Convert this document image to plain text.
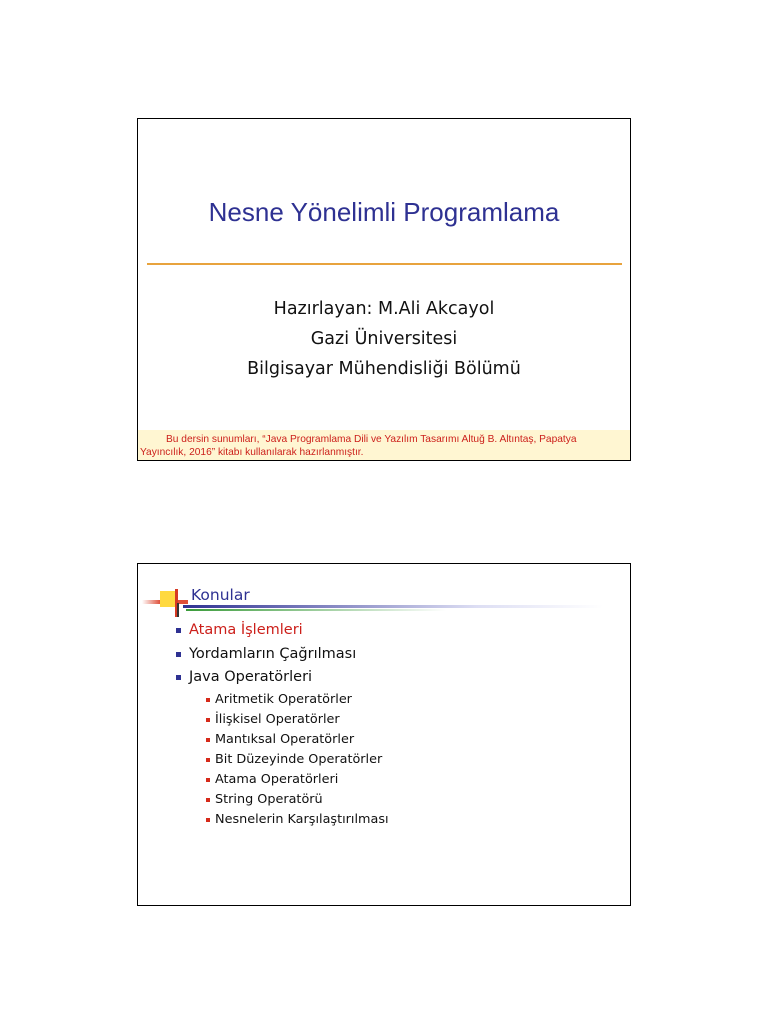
Nesne Yönelimli Programlama
Hazırlayan: M.Ali Akcayol
Gazi Üniversitesi
Bilgisayar Mühendisliği Bölümü
Bu dersin sunumları, “Java Programlama Dili ve Yazılım Tasarımı Altuğ B. Altıntaş, Papatya
Yayıncılık, 2016” kitabı kullanılarak hazırlanmıştır.
Konular
Atama İşlemleri
Yordamların Çağrılması
Java Operatörleri
Aritmetik Operatörler
İlişkisel Operatörler
Mantıksal Operatörler
Bit Düzeyinde Operatörler
Atama Operatörleri
String Operatörü
Nesnelerin Karşılaştırılması
